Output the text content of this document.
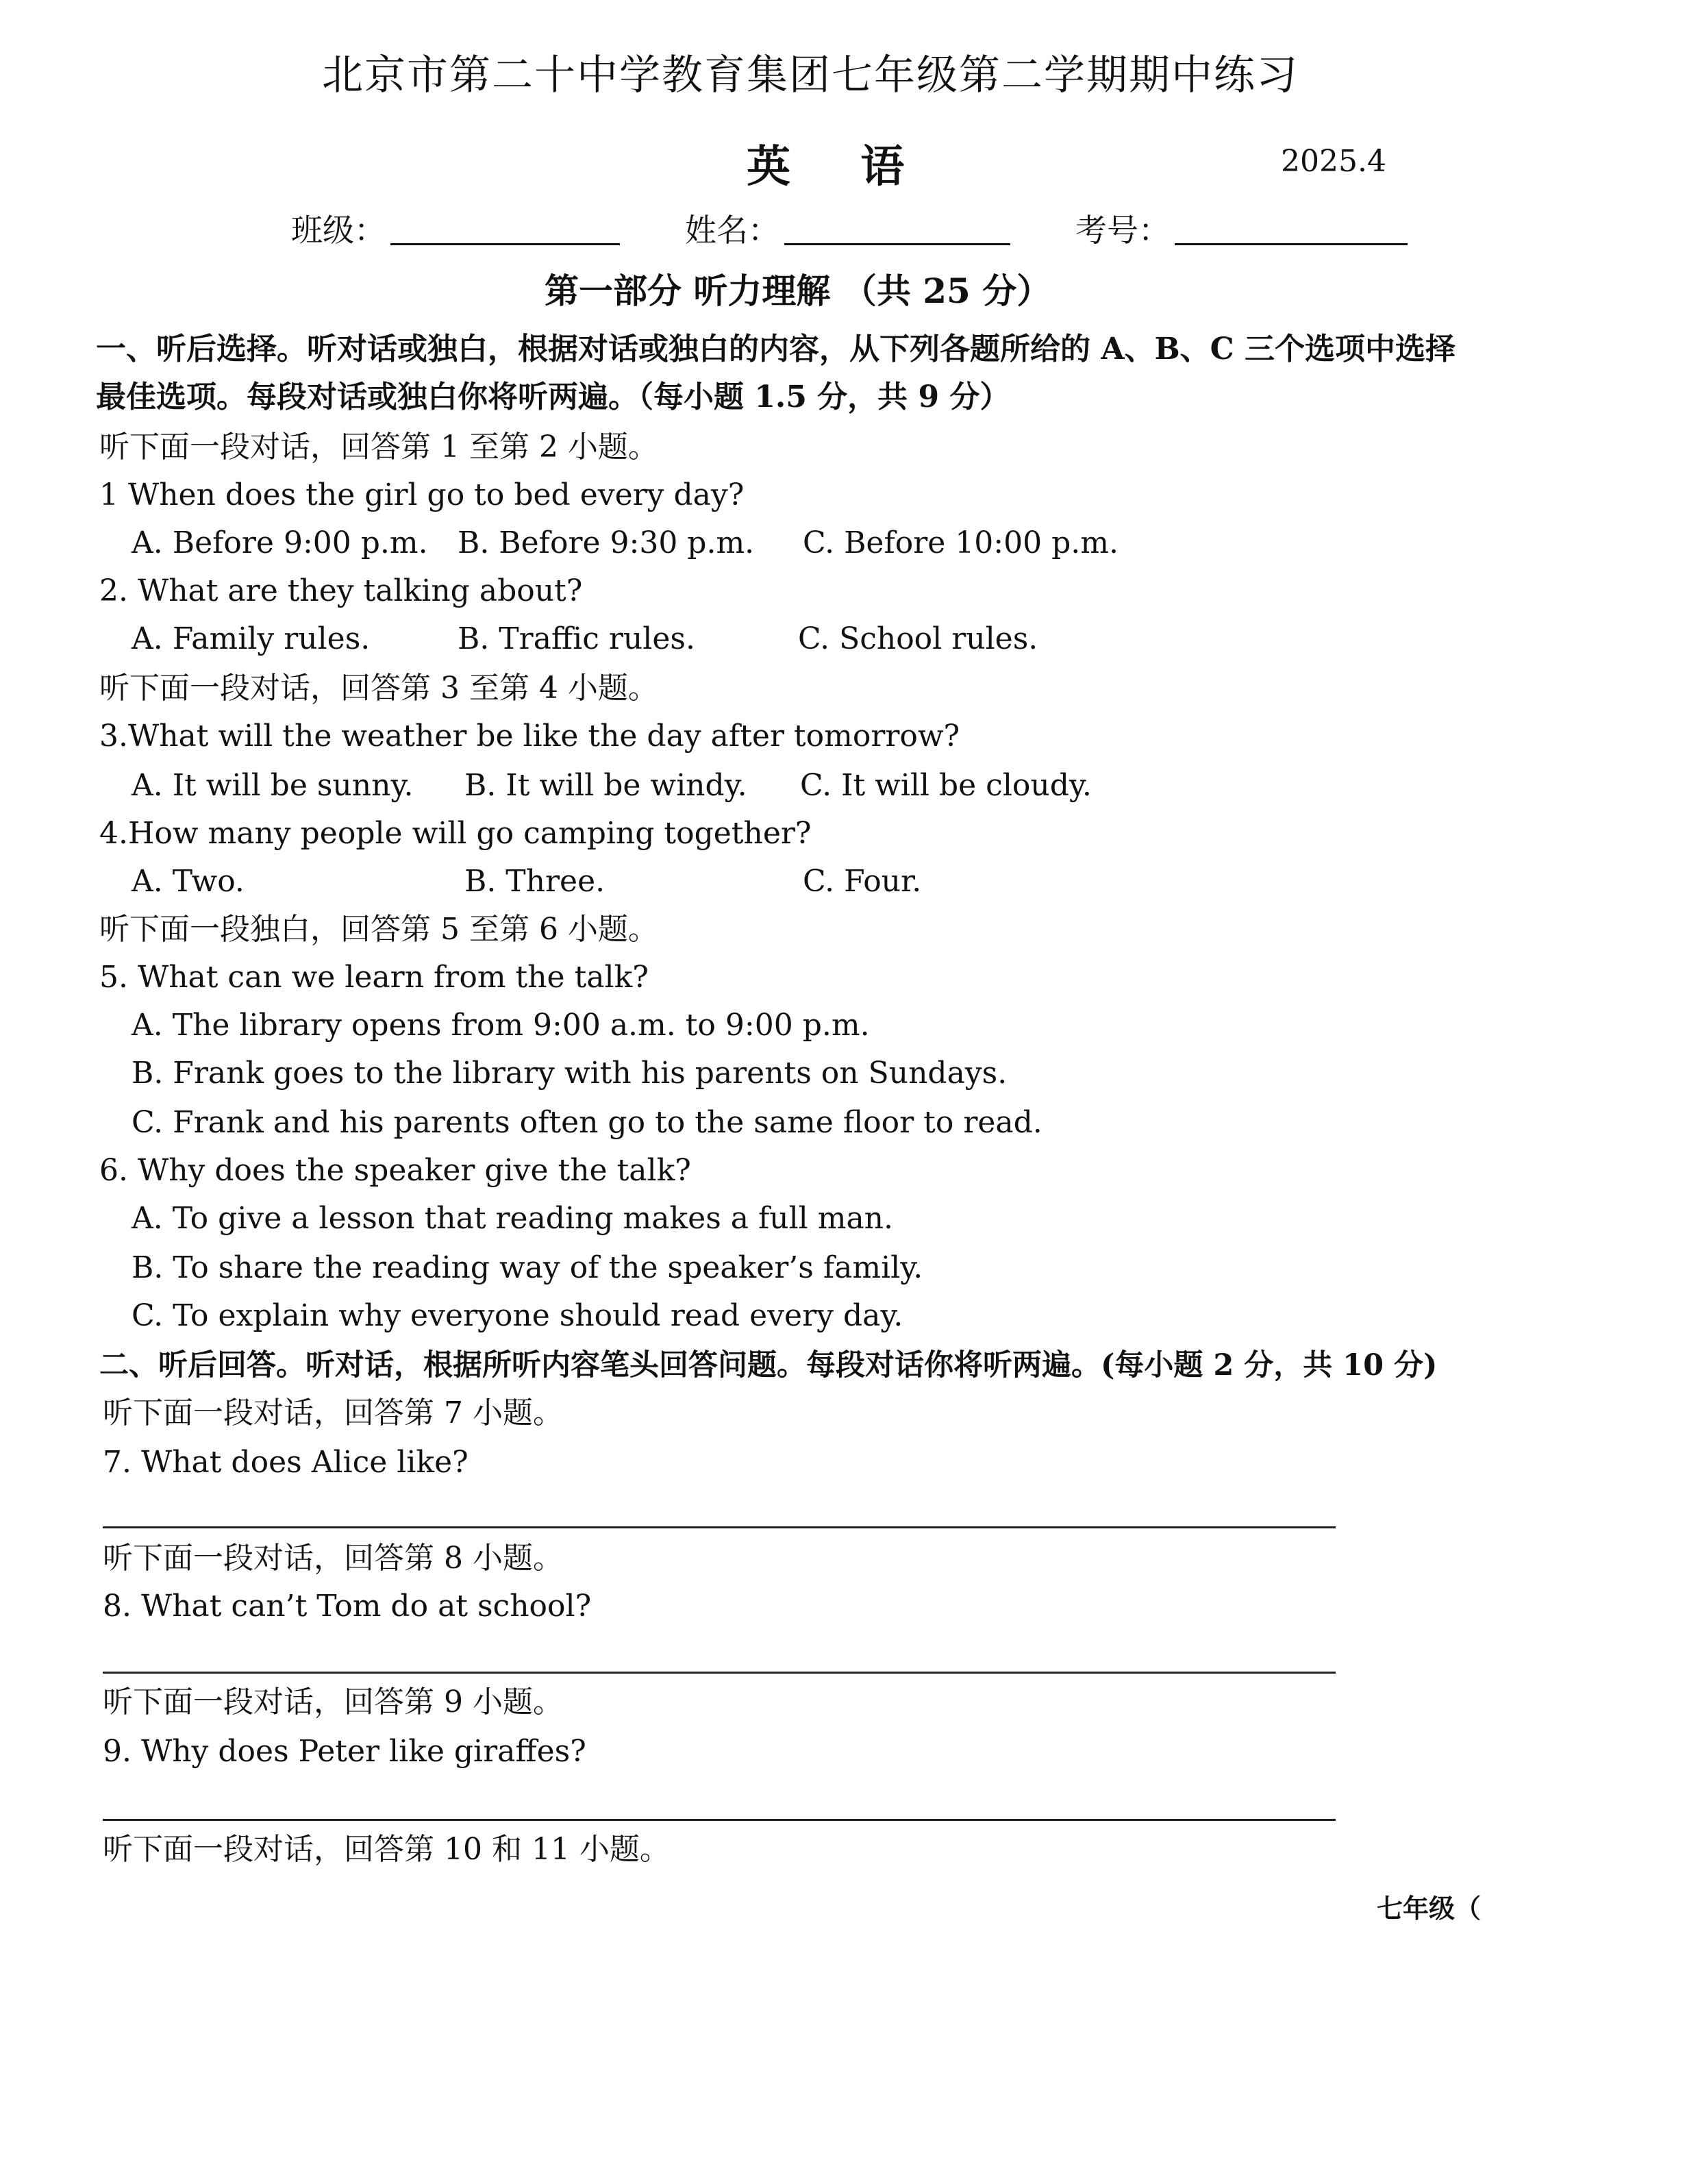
北京市第二十中学教育集团七年级第二学期期中练习
英 语	2025.4
班级：	姓名：	考号：
第一部分 听力理解 （共 25 分）
一、听后选择。听对话或独白，根据对话或独白的内容，从下列各题所给的 A、B、C 三个选项中选择
最佳选项。每段对话或独白你将听两遍。（每小题 1.5 分，共 9 分）
听下面一段对话，回答第 1 至第 2 小题。
1 When does the girl go to bed every day?
A. Before 9:00 p.m. B. Before 9:30 p.m. C. Before 10:00 p.m.
2. What are they talking about?
A. Family rules.	B. Traffic rules.	C. School rules.
听下面一段对话，回答第 3 至第 4 小题。
3.What will the weather be like the day after tomorrow?
A. It will be sunny. B. It will be windy. C. It will be cloudy.
4.How many people will go camping together?
A. Two.	B. Three.	C. Four.
听下面一段独白，回答第 5 至第 6 小题。
5. What can we learn from the talk?
A. The library opens from 9:00 a.m. to 9:00 p.m.
B. Frank goes to the library with his parents on Sundays.
C. Frank and his parents often go to the same floor to read.
6. Why does the speaker give the talk?
A. To give a lesson that reading makes a full man.
B. To share the reading way of the speaker’s family.
C. To explain why everyone should read every day.
二、听后回答。听对话，根据所听内容笔头回答问题。每段对话你将听两遍。(每小题 2 分，共 10 分)
听下面一段对话，回答第 7 小题。
7. What does Alice like?
听下面一段对话，回答第 8 小题。
8. What can’t Tom do at school?
听下面一段对话，回答第 9 小题。
9. Why does Peter like giraffes?
听下面一段对话，回答第 10 和 11 小题。
七年级（
